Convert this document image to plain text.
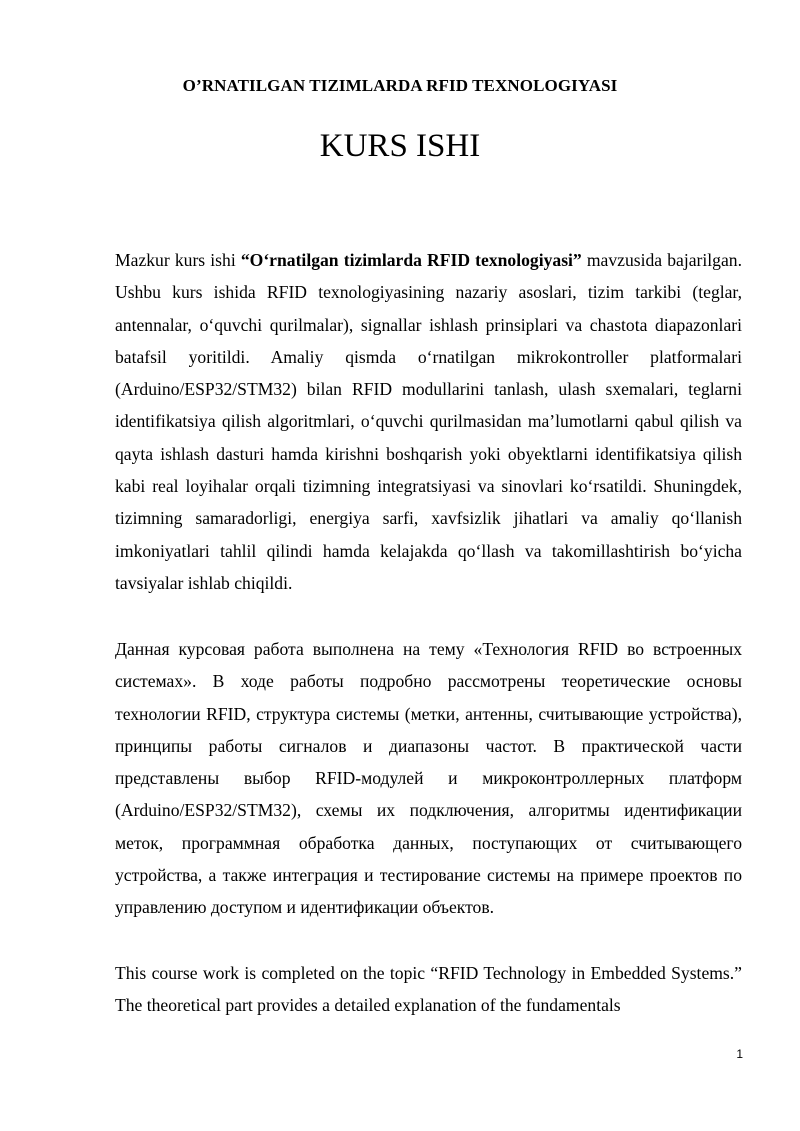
O’RNATILGAN TIZIMLARDA RFID TEXNOLOGIYASI
KURS ISHI

Mazkur kurs ishi “O‘rnatilgan tizimlarda RFID texnologiyasi” mavzusida bajarilgan. Ushbu kurs ishida RFID texnologiyasining nazariy asoslari, tizim tarkibi (teglar, antennalar, o‘quvchi qurilmalar), signallar ishlash prinsiplari va chastota diapazonlari batafsil yoritildi. Amaliy qismda o‘rnatilgan mikrokontroller platformalari (Arduino/ESP32/STM32) bilan RFID modullarini tanlash, ulash sxemalari, teglarni identifikatsiya qilish algoritmlari, o‘quvchi qurilmasidan ma’lumotlarni qabul qilish va qayta ishlash dasturi hamda kirishni boshqarish yoki obyektlarni identifikatsiya qilish kabi real loyihalar orqali tizimning integratsiyasi va sinovlari ko‘rsatildi. Shuningdek, tizimning samaradorligi, energiya sarfi, xavfsizlik jihatlari va amaliy qo‘llanish imkoniyatlari tahlil qilindi hamda kelajakda qo‘llash va takomillashtirish bo‘yicha tavsiyalar ishlab chiqildi.

Данная курсовая работа выполнена на тему «Технология RFID во встроенных системах». В ходе работы подробно рассмотрены теоретические основы технологии RFID, структура системы (метки, антенны, считывающие устройства), принципы работы сигналов и диапазоны частот. В практической части представлены выбор RFID-модулей и микроконтроллерных платформ (Arduino/ESP32/STM32), схемы их подключения, алгоритмы идентификации меток, программная обработка данных, поступающих от считывающего устройства, а также интеграция и тестирование системы на примере проектов по управлению доступом и идентификации объектов.

This course work is completed on the topic “RFID Technology in Embedded Systems.” The theoretical part provides a detailed explanation of the fundamentals

1
